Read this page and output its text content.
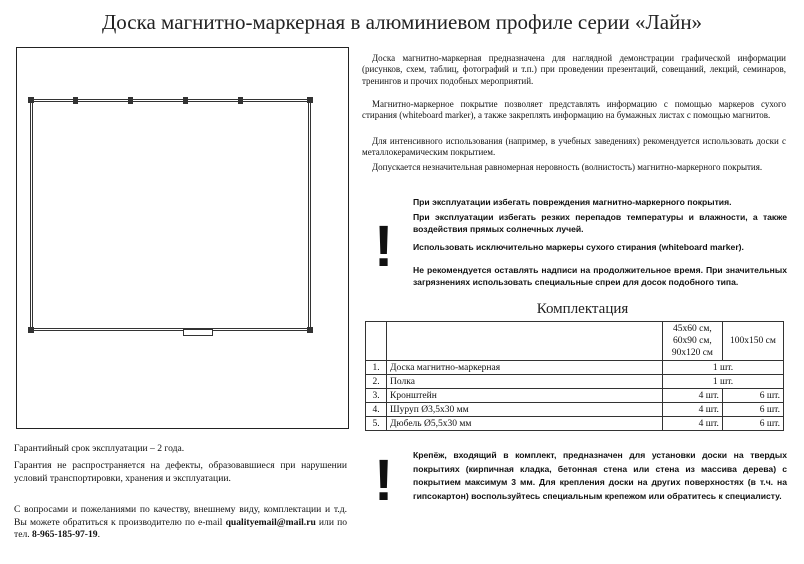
Доска магнитно-маркерная в алюминиевом профиле серии «Лайн»

Доска магнитно-маркерная предназначена для наглядной демонстрации графической информации (рисунков, схем, таблиц, фотографий и т.п.) при проведении презентаций, совещаний, лекций, семинаров, тренингов и прочих подобных мероприятий.

Магнитно-маркерное покрытие позволяет представлять информацию с помощью маркеров сухого стирания (whiteboard marker), а также закреплять информацию на бумажных листах с помощью магнитов.

Для интенсивного использования (например, в учебных заведениях) рекомендуется использовать доски с металлокерамическим покрытием.

Допускается незначительная равномерная неровность (волнистость) магнитно-маркерного покрытия.

!

При эксплуатации избегать повреждения магнитно-маркерного покрытия.

При эксплуатации избегать резких перепадов температуры и влажности, а также воздействия прямых солнечных лучей.

Использовать исключительно маркеры сухого стирания (whiteboard marker).

Не рекомендуется оставлять надписи на продолжительное время. При значительных загрязнениях использовать специальные спреи для досок подобного типа.

Комплектация
		45х60 см, 60х90 см, 90х120 см	100х150 см
1.	Доска магнитно-маркерная	1 шт.	
2.	Полка	1 шт.	
3.	Кронштейн	4 шт.	6 шт.
4.	Шуруп Ø3,5х30 мм	4 шт.	6 шт.
5.	Дюбель Ø5,5х30 мм	4 шт.	6 шт.
! Крепёж, входящий в комплект, предназначен для установки доски на твердых покрытиях (кирпичная кладка, бетонная стена или стена из массива дерева) с покрытием максимум 3 мм. Для крепления доски на других поверхностях (в т.ч. на гипсокартон) воспользуйтесь специальным крепежом или обратитесь к специалисту.

Гарантийный срок эксплуатации – 2 года.

Гарантия не распространяется на дефекты, образовавшиеся при нарушении условий транспортировки, хранения и эксплуатации.

С вопросами и пожеланиями по качеству, внешнему виду, комплектации и т.д. Вы можете обратиться к производителю по e-mail qualityemail@mail.ru или по тел. 8-965-185-97-19.
